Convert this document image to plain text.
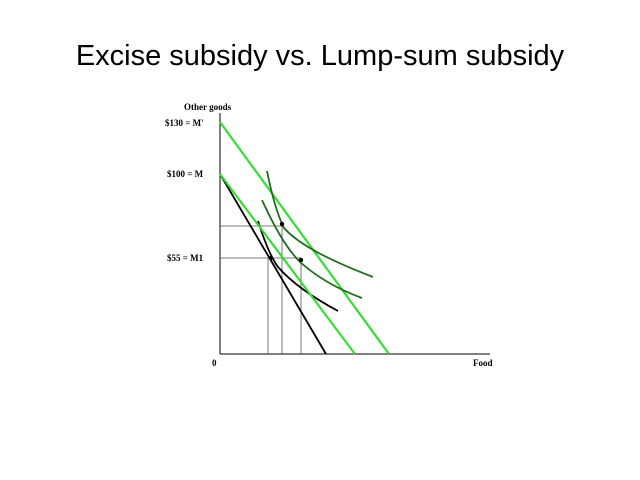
Excise subsidy vs. Lump-sum subsidy
Other goods
$130 = M'
$100 = M
$55 = M1
0	Food
